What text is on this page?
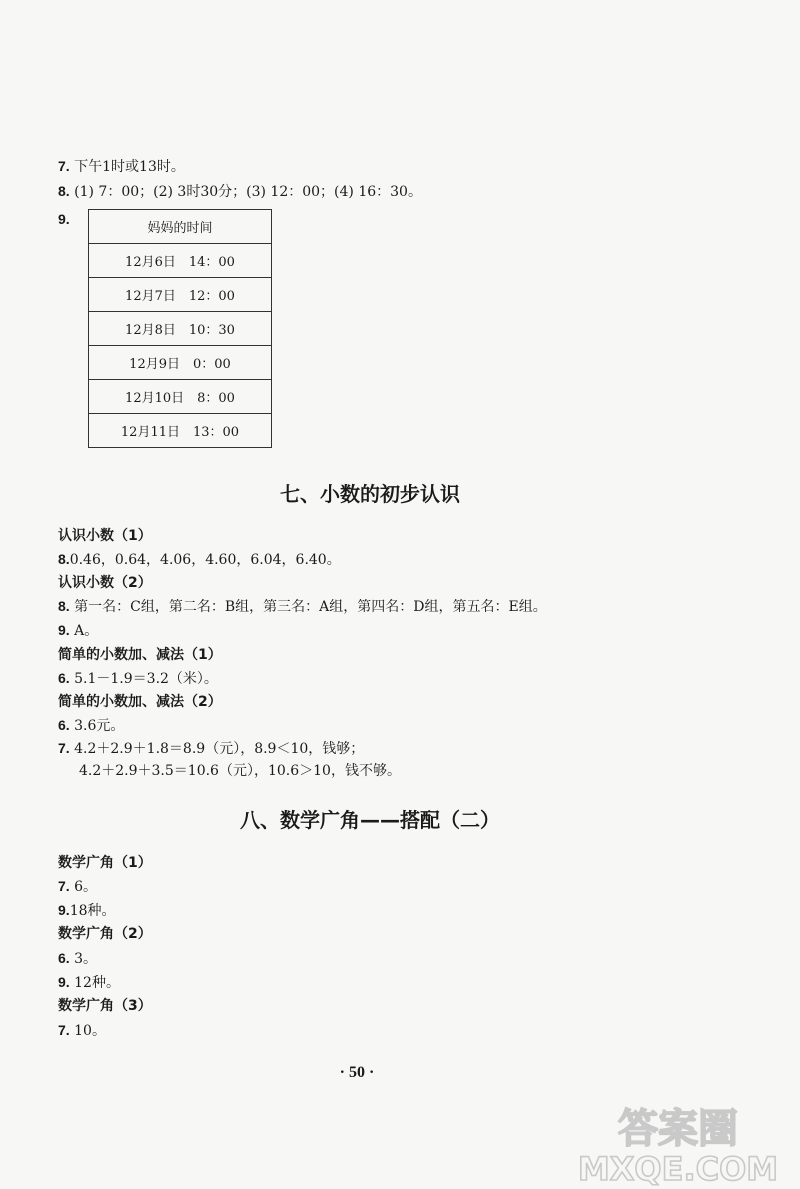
7. 下午1时或13时。
8. (1) 7：00；(2) 3时30分；(3) 12：00；(4) 16：30。
9.
妈妈的时间
12月6日　14：00
12月7日　12：00
12月8日　10：30
12月9日　0：00
12月10日　8：00
12月11日　13：00
七、小数的初步认识
认识小数（1）
8.0.46，0.64，4.06，4.60，6.04，6.40。
认识小数（2）
8. 第一名：C组，第二名：B组，第三名：A组，第四名：D组，第五名：E组。
9. A。
简单的小数加、减法（1）
6. 5.1－1.9＝3.2（米）。
简单的小数加、减法（2）
6. 3.6元。
7. 4.2＋2.9＋1.8＝8.9（元），8.9＜10，钱够；
4.2＋2.9＋3.5＝10.6（元），10.6＞10，钱不够。
八、数学广角——搭配（二）
数学广角（1）
7. 6。
9.18种。
数学广角（2）
6. 3。
9. 12种。
数学广角（3）
7. 10。
· 50 ·
答案圈
MXQE.COM
